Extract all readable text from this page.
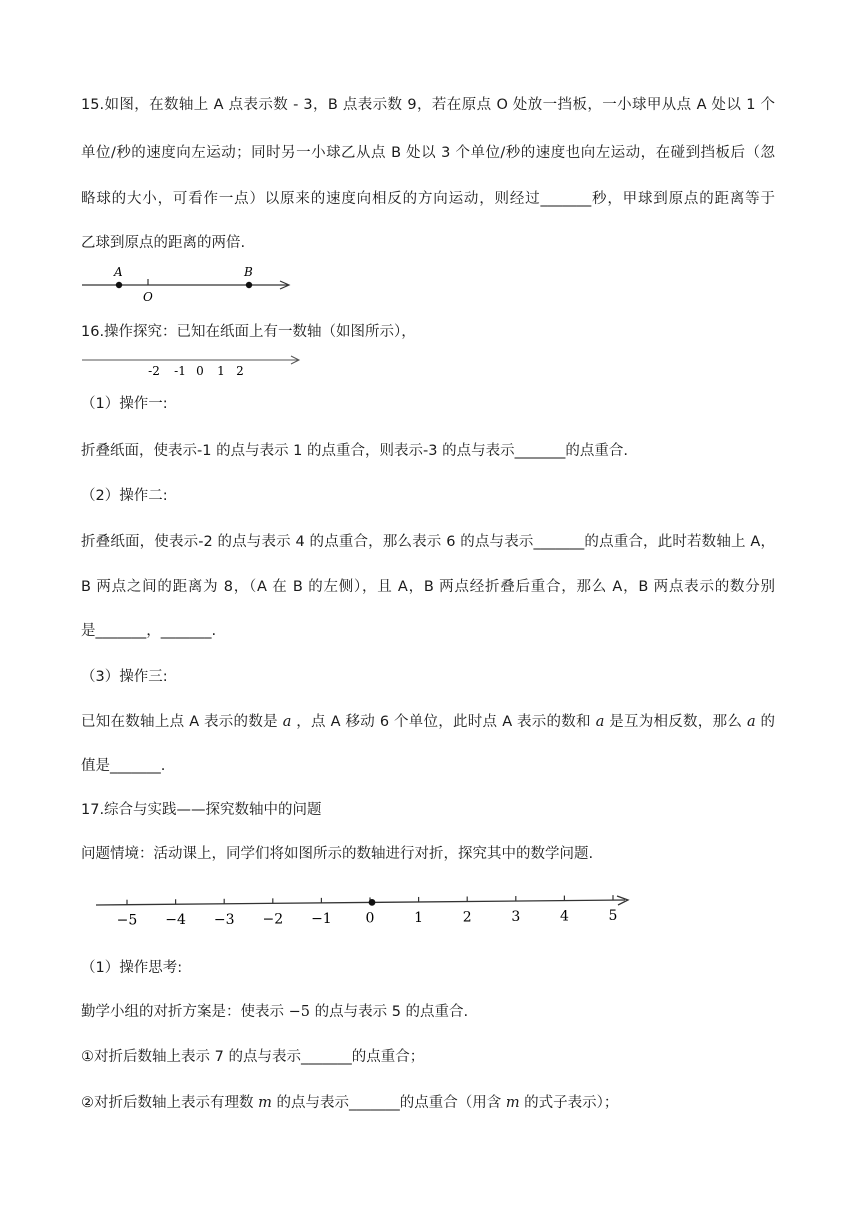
15.如图，在数轴上 A 点表示数 - 3，B 点表示数 9，若在原点 O 处放一挡板，一小球甲从点 A 处以 1 个
单位/秒的速度向左运动；同时另一小球乙从点 B 处以 3 个单位/秒的速度也向左运动，在碰到挡板后（忽
略球的大小，可看作一点）以原来的速度向相反的方向运动，则经过_______秒，甲球到原点的距离等于
乙球到原点的距离的两倍.
A
O
B
16.操作探究：已知在纸面上有一数轴（如图所示），
-2 -1 0 1 2
（1）操作一:
折叠纸面，使表示-1 的点与表示 1 的点重合，则表示-3 的点与表示_______的点重合.
（2）操作二:
折叠纸面，使表示-2 的点与表示 4 的点重合，那么表示 6 的点与表示_______的点重合，此时若数轴上 A，
B 两点之间的距离为 8，（A 在 B 的左侧），且 A，B 两点经折叠后重合，那么 A，B 两点表示的数分别
是_______，_______.
（3）操作三:
已知在数轴上点 A 表示的数是 a ，点 A 移动 6 个单位，此时点 A 表示的数和 a 是互为相反数，那么 a 的
值是_______.
17.综合与实践——探究数轴中的问题
问题情境：活动课上，同学们将如图所示的数轴进行对折，探究其中的数学问题.
−5 −4 −3 −2 −1 0	1	2	3	4	5
（1）操作思考:
勤学小组的对折方案是：使表示 −5 的点与表示 5 的点重合.
①对折后数轴上表示 7 的点与表示_______的点重合；
②对折后数轴上表示有理数 m 的点与表示_______的点重合（用含 m 的式子表示）；
